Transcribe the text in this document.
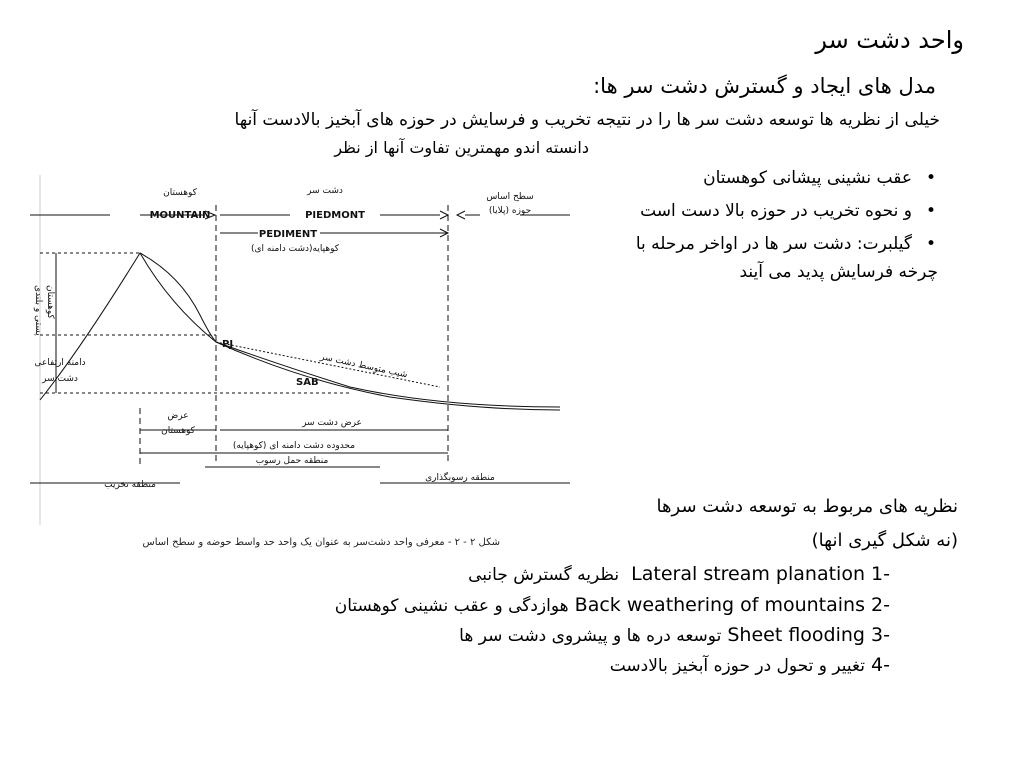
واحد دشت سر
مدل های ایجاد و گسترش دشت سر ها:
خیلی از نظریه ها توسعه دشت سر ها را در نتیجه تخریب و فرسایش در حوزه های آبخیز بالادست آنها
دانسته اندو مهمترین تفاوت آنها از نظر
کوهستان
MOUNTAIN
دشت سر
PIEDMONT
سطح اساس
حوزه (پلایا)
PEDIMENT
کوهپایه(دشت دامنه ای)
پستی و بلندی کوهستان
دامنه ارتفاعی
دشت سر
PJ
SAB
شیب متوسط دشت سر
عرض
کوهستان
عرض دشت سر
محدوده دشت دامنه ای (کوهپایه)
منطقه حمل رسوب
منطقه تخریب
منطقه رسوبگذاری
شکل ۲ - ۲ - معرفی واحد دشت‌سر به عنوان یک واحد حد واسط حوضه و سطح اساس
• عقب نشینی پیشانی کوهستان
• و نحوه تخریب در حوزه بالا دست است
• گیلبرت: دشت سر ها در اواخر مرحله با
چرخه فرسایش پدید می آیند
نظریه های مربوط به توسعه دشت سرها
(نه شکل گیری انها)
نظریه گسترش جانبی Lateral stream planation 1-
هوازدگی و عقب نشینی کوهستان Back weathering of mountains 2-
توسعه دره ها و پیشروی دشت سر ها Sheet flooding 3-
تغییر و تحول در حوزه آبخیز بالادست 4-
